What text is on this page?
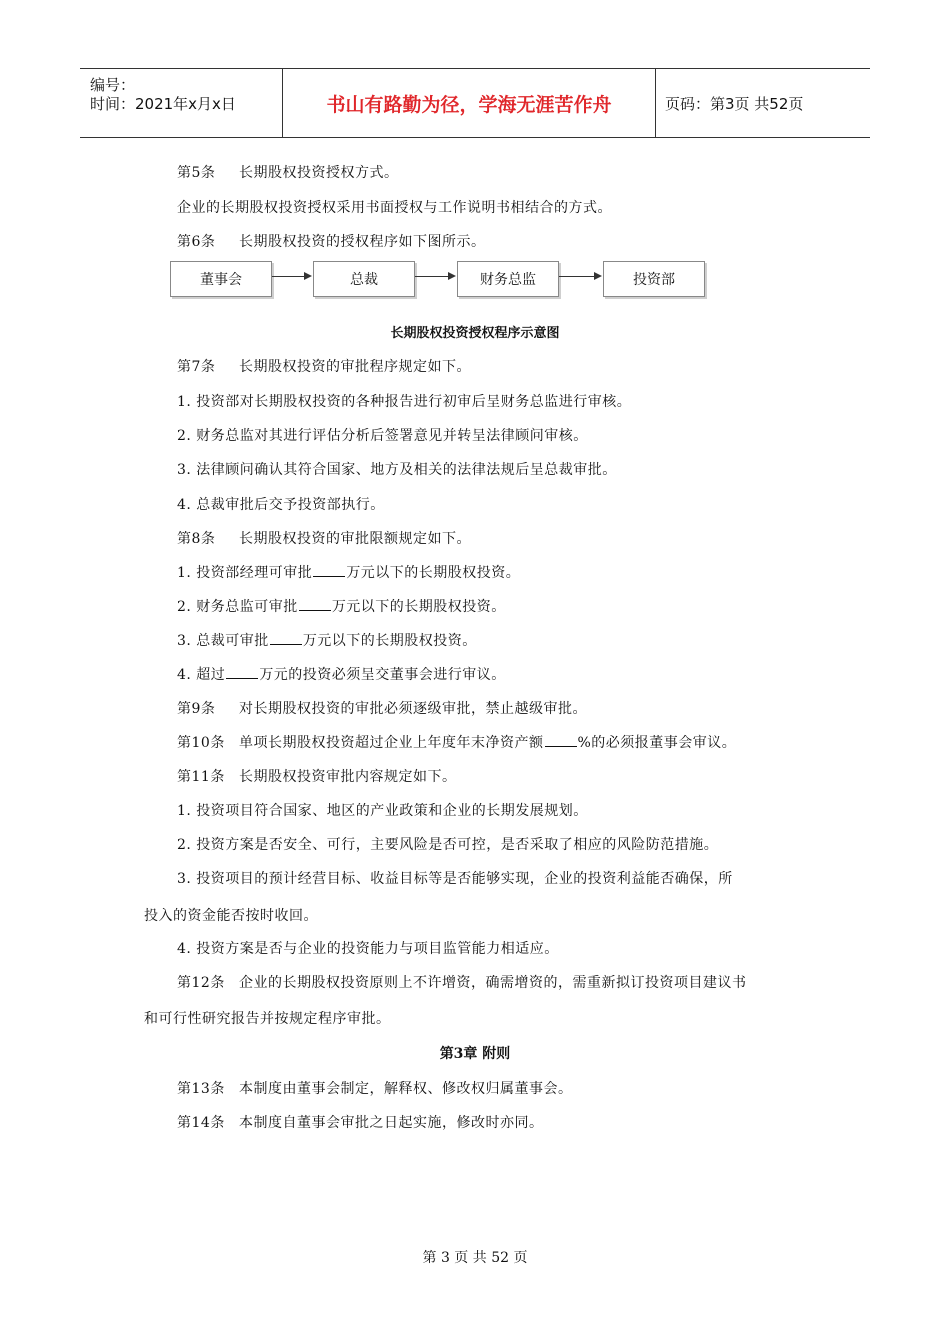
编号：
时间：2021年x月x日	书山有路勤为径，学海无涯苦作舟	页码：第3页 共52页
第5条 长期股权投资授权方式。
企业的长期股权投资授权采用书面授权与工作说明书相结合的方式。
第6条 长期股权投资的授权程序如下图所示。
董事会	总裁	财务总监	投资部
长期股权投资授权程序示意图
第7条 长期股权投资的审批程序规定如下。
1. 投资部对长期股权投资的各种报告进行初审后呈财务总监进行审核。
2. 财务总监对其进行评估分析后签署意见并转呈法律顾问审核。
3. 法律顾问确认其符合国家、地方及相关的法律法规后呈总裁审批。
4. 总裁审批后交予投资部执行。
第8条 长期股权投资的审批限额规定如下。
1. 投资部经理可审批 万元以下的长期股权投资。
2. 财务总监可审批 万元以下的长期股权投资。
3. 总裁可审批 万元以下的长期股权投资。
4. 超过 万元的投资必须呈交董事会进行审议。
第9条 对长期股权投资的审批必须逐级审批，禁止越级审批。
第10条 单项长期股权投资超过企业上年度年末净资产额 %的必须报董事会审议。
第11条 长期股权投资审批内容规定如下。
1. 投资项目符合国家、地区的产业政策和企业的长期发展规划。
2. 投资方案是否安全、可行，主要风险是否可控，是否采取了相应的风险防范措施。
3. 投资项目的预计经营目标、收益目标等是否能够实现，企业的投资利益能否确保，所
投入的资金能否按时收回。
4. 投资方案是否与企业的投资能力与项目监管能力相适应。
第12条 企业的长期股权投资原则上不许增资，确需增资的，需重新拟订投资项目建议书
和可行性研究报告并按规定程序审批。
第3章 附则
第13条 本制度由董事会制定，解释权、修改权归属董事会。
第14条 本制度自董事会审批之日起实施，修改时亦同。
第 3 页 共 52 页
